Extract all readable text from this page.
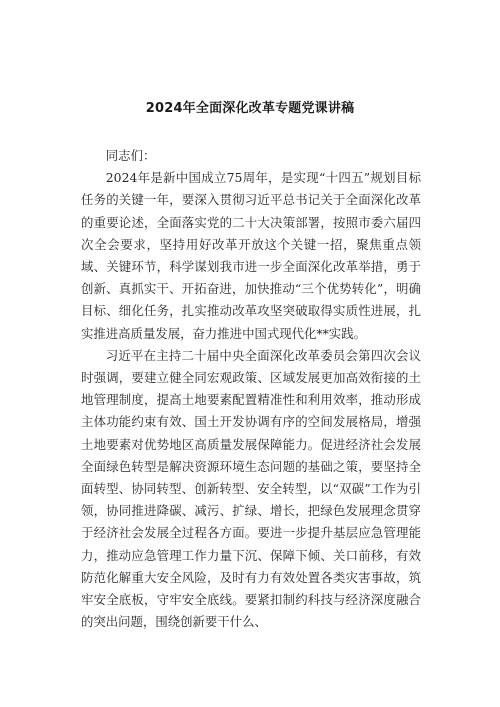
2024年全面深化改革专题党课讲稿

同志们：

2024年是新中国成立75周年，是实现“十四五”规划目标任务的关键一年，要深入贯彻习近平总书记关于全面深化改革的重要论述，全面落实党的二十大决策部署，按照市委六届四次全会要求，坚持用好改革开放这个关键一招，聚焦重点领域、关键环节，科学谋划我市进一步全面深化改革举措，勇于创新、真抓实干、开拓奋进，加快推动“三个优势转化”，明确目标、细化任务，扎实推动改革攻坚突破取得实质性进展，扎实推进高质量发展，奋力推进中国式现代化**实践。

习近平在主持二十届中央全面深化改革委员会第四次会议时强调，要建立健全同宏观政策、区域发展更加高效衔接的土地管理制度，提高土地要素配置精准性和利用效率，推动形成主体功能约束有效、国土开发协调有序的空间发展格局，增强土地要素对优势地区高质量发展保障能力。促进经济社会发展全面绿色转型是解决资源环境生态问题的基础之策，要坚持全面转型、协同转型、创新转型、安全转型，以“双碳”工作为引领，协同推进降碳、减污、扩绿、增长，把绿色发展理念贯穿于经济社会发展全过程各方面。要进一步提升基层应急管理能力，推动应急管理工作力量下沉、保障下倾、关口前移，有效防范化解重大安全风险，及时有力有效处置各类灾害事故，筑牢安全底板，守牢安全底线。要紧扣制约科技与经济深度融合的突出问题，围绕创新要干什么、
